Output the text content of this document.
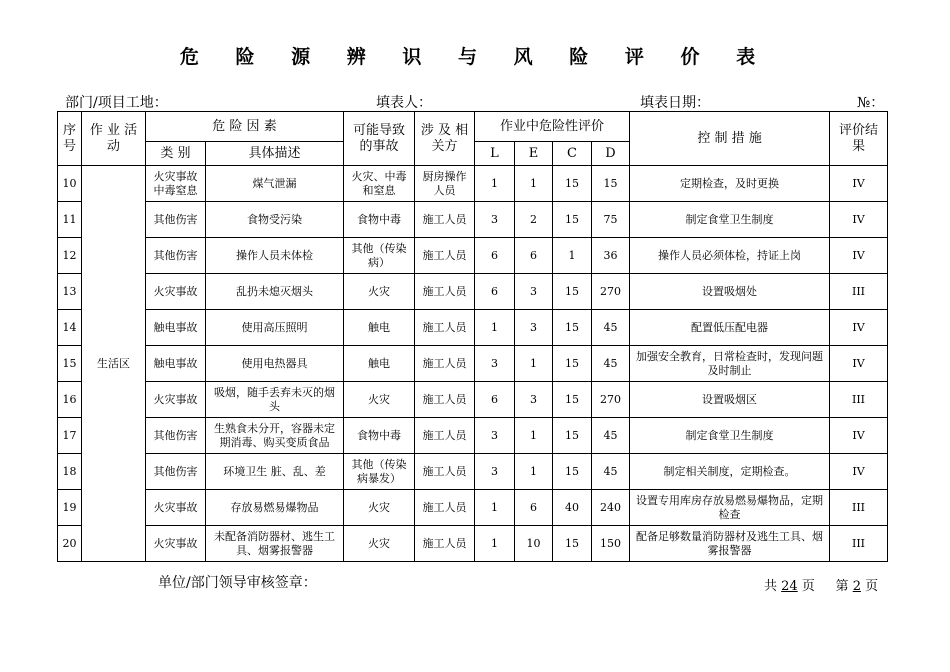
危 险 源 辨 识 与 风 险 评 价 表
部门/项目工地：	填表人：	填表日期：	№：
序号	作 业 活 动	危 险 因 素		可能导致的事故	涉 及 相关方	作业中危险性评价				控 制 措 施	评价结果
		类 别	具体描述			L	E	C	D		
10	生活区	火灾事故中毒窒息	煤气泄漏	火灾、中毒和窒息	厨房操作人员	1	1	15	15	定期检查，及时更换	IV
11		其他伤害	食物受污染	食物中毒	施工人员	3	2	15	75	制定食堂卫生制度	IV
12		其他伤害	操作人员未体检	其他（传染病）	施工人员	6	6	1	36	操作人员必须体检，持证上岗	IV
13		火灾事故	乱扔未熄灭烟头	火灾	施工人员	6	3	15	270	设置吸烟处	III
14		触电事故	使用高压照明	触电	施工人员	1	3	15	45	配置低压配电器	IV
15		触电事故	使用电热器具	触电	施工人员	3	1	15	45	加强安全教育，日常检查时，发现问题及时制止	IV
16		火灾事故	吸烟，随手丢弃未灭的烟头	火灾	施工人员	6	3	15	270	设置吸烟区	III
17		其他伤害	生熟食未分开，容器未定期消毒、购买变质食品	食物中毒	施工人员	3	1	15	45	制定食堂卫生制度	IV
18		其他伤害	环境卫生 脏、乱、差	其他（传染病暴发）	施工人员	3	1	15	45	制定相关制度，定期检查。	IV
19		火灾事故	存放易燃易爆物品	火灾	施工人员	1	6	40	240	设置专用库房存放易燃易爆物品，定期检查	III
20		火灾事故	未配备消防器材、逃生工具、烟雾报警器	火灾	施工人员	1	10	15	150	配备足够数量消防器材及逃生工具、烟雾报警器	III
单位/部门领导审核签章：	共 24 页 第 2 页
